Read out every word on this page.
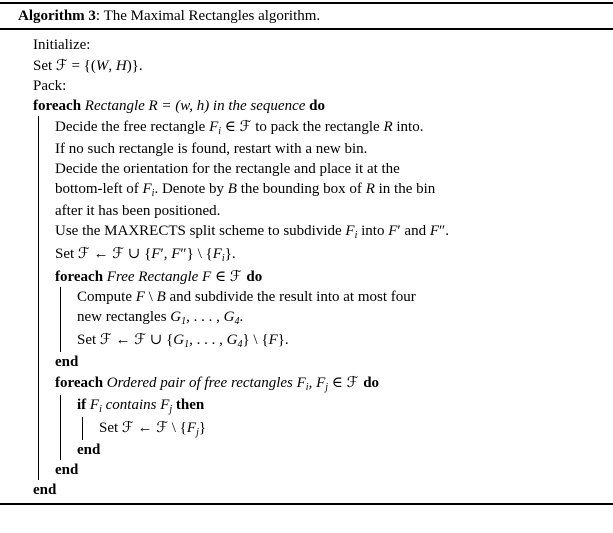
Algorithm 3: The Maximal Rectangles algorithm.
Initialize:
Set ℱ = {(W, H)}.
Pack:
foreach Rectangle R = (w, h) in the sequence do
Decide the free rectangle $F_i$ ∈ ℱ to pack the rectangle R into.
If no such rectangle is found, restart with a new bin.
Decide the orientation for the rectangle and place it at the
bottom-left of $F_i$. Denote by B the bounding box of R in the bin
after it has been positioned.
Use the MAXRECTS split scheme to subdivide $F_i$ into F′ and F″.
Set ℱ ← ℱ ∪ {F′, F″} \ $\{F_i\}$.
foreach Free Rectangle F ∈ ℱ do
Compute F \ B and subdivide the result into at most four
new rectangles $G_1$, . . . , $G_4$.
Set ℱ ← ℱ ∪ {$G_1$, . . . , $G_4$} \ {F}.
end
foreach Ordered pair of free rectangles $F_i$, $F_j$ ∈ ℱ do
if $F_i$ contains $F_j$ then
Set ℱ ← ℱ \ $\{F_j\}$
end
end
end
